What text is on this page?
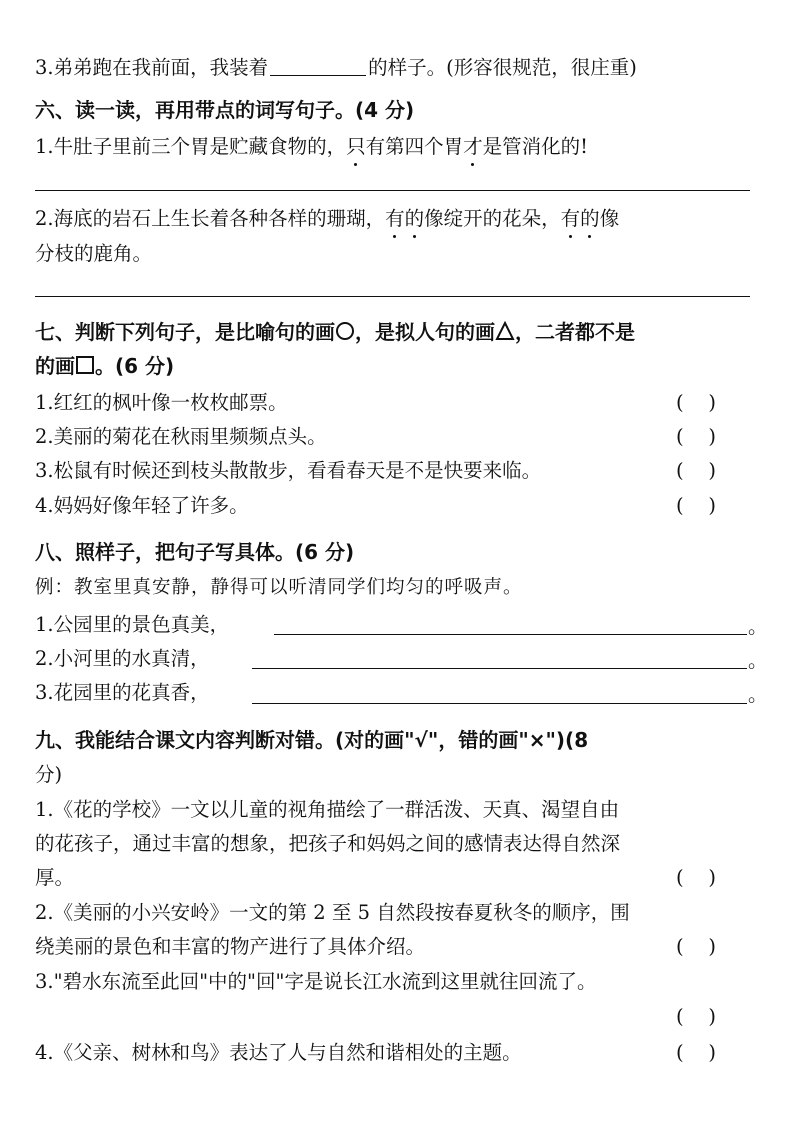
3.弟弟跑在我前面，我装着	的样子。(形容很规范，很庄重)
六、读一读，再用带点的词写句子。(4 分)
1.牛肚子里前三个胃是贮藏食物的，只有第四个胃才是管消化的!
2.海底的岩石上生长着各种各样的珊瑚，有的像绽开的花朵，有的像
分枝的鹿角。
七、判断下列句子，是比喻句的画 ，是拟人句的画 ，二者都不是
的画 。(6 分)
1.红红的枫叶像一枚枚邮票。	(    )
2.美丽的菊花在秋雨里频频点头。	(    )
3.松鼠有时候还到枝头散散步，看看春天是不是快要来临。	(    )
4.妈妈好像年轻了许多。	(    )
八、照样子，把句子写具体。(6 分)
例：教室里真安静，静得可以听清同学们均匀的呼吸声。
1.公园里的景色真美，	。
2.小河里的水真清，	。
3.花园里的花真香，	。
九、我能结合课文内容判断对错。(对的画"√"，错的画"×")(8
分)
1.《花的学校》一文以儿童的视角描绘了一群活泼、天真、渴望自由
的花孩子，通过丰富的想象，把孩子和妈妈之间的感情表达得自然深
厚。	(    )
2.《美丽的小兴安岭》一文的第 2 至 5 自然段按春夏秋冬的顺序，围
绕美丽的景色和丰富的物产进行了具体介绍。	(    )
3."碧水东流至此回"中的"回"字是说长江水流到这里就往回流了。
(    )
4.《父亲、树林和鸟》表达了人与自然和谐相处的主题。	(    )
